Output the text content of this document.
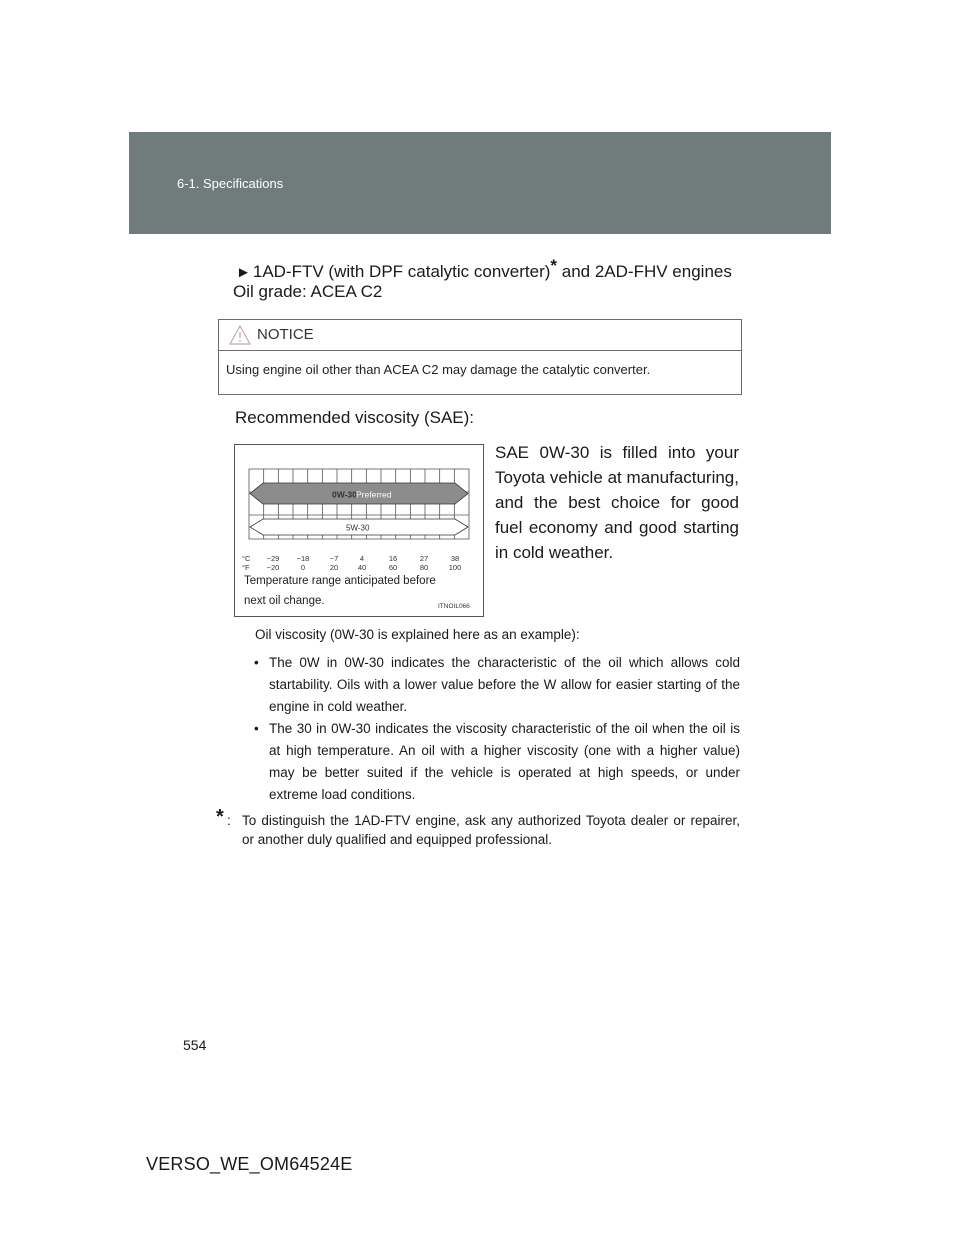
6-1. Specifications
► 1AD-FTV (with DPF catalytic converter)* and 2AD-FHV engines
Oil grade: ACEA C2
NOTICE
Using engine oil other than ACEA C2 may damage the catalytic converter.
Recommended viscosity (SAE):
0W-30 Preferred
5W-30
°C
°F
−29 −18	−7	4	16	27	38
−20	0	20	40	60	80	100
Temperature range anticipated before
next oil change.	ITNOIL066
SAE 0W-30 is filled into your Toyota vehicle at manufacturing, and the best choice for good fuel economy and good starting in cold weather.
Oil viscosity (0W-30 is explained here as an example):
• The 0W in 0W-30 indicates the characteristic of the oil which allows cold startability. Oils with a lower value before the W allow for easier starting of the engine in cold weather.
• The 30 in 0W-30 indicates the viscosity characteristic of the oil when the oil is at high temperature. An oil with a higher viscosity (one with a higher value) may be better suited if the vehicle is operated at high speeds, or under extreme load conditions.
* : To distinguish the 1AD-FTV engine, ask any authorized Toyota dealer or repairer, or another duly qualified and equipped professional.
554
VERSO_WE_OM64524E
